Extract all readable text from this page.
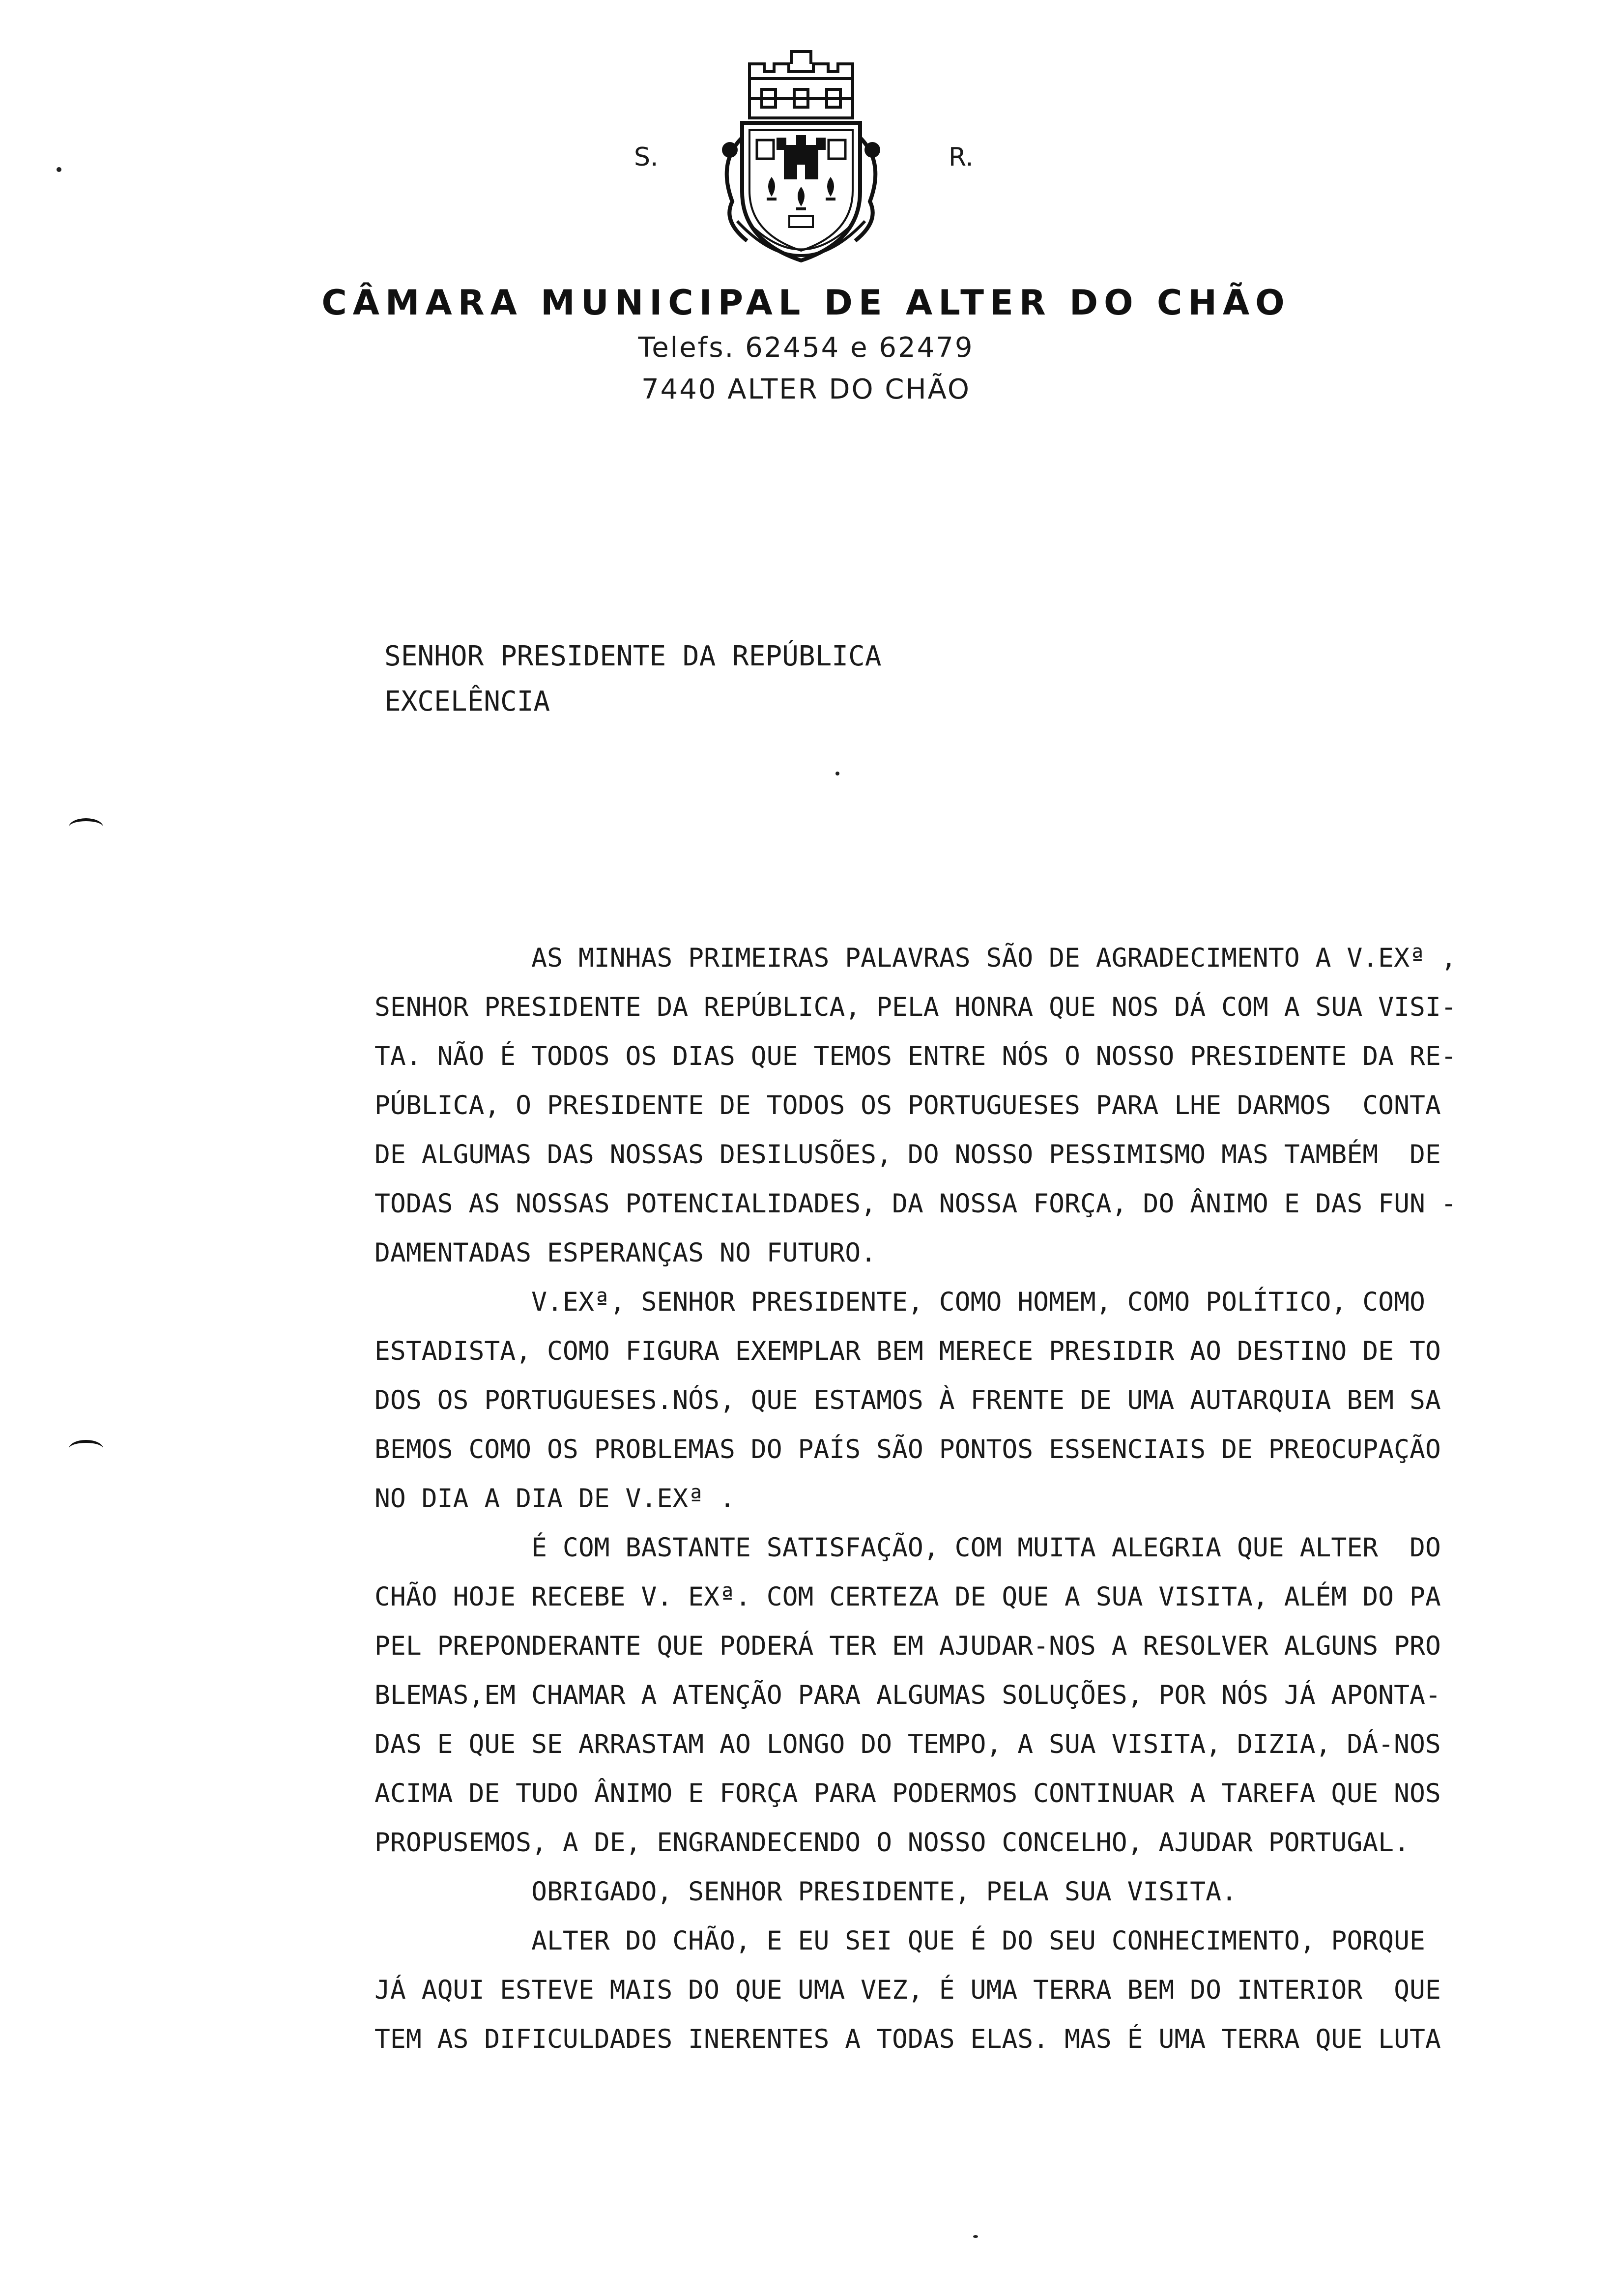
S.	R.
CÂMARA MUNICIPAL DE ALTER DO CHÃO
Telefs. 62454 e 62479
7440 ALTER DO CHÃO
SENHOR PRESIDENTE DA REPÚBLICA
EXCELÊNCIA
AS MINHAS PRIMEIRAS PALAVRAS SÃO DE AGRADECIMENTO A V.EXª ,
SENHOR PRESIDENTE DA REPÚBLICA, PELA HONRA QUE NOS DÁ COM A SUA VISI-
TA. NÃO É TODOS OS DIAS QUE TEMOS ENTRE NÓS O NOSSO PRESIDENTE DA RE-
PÚBLICA, O PRESIDENTE DE TODOS OS PORTUGUESES PARA LHE DARMOS  CONTA
DE ALGUMAS DAS NOSSAS DESILUSÕES, DO NOSSO PESSIMISMO MAS TAMBÉM  DE
TODAS AS NOSSAS POTENCIALIDADES, DA NOSSA FORÇA, DO ÂNIMO E DAS FUN -
DAMENTADAS ESPERANÇAS NO FUTURO.
V.EXª, SENHOR PRESIDENTE, COMO HOMEM, COMO POLÍTICO, COMO
ESTADISTA, COMO FIGURA EXEMPLAR BEM MERECE PRESIDIR AO DESTINO DE TO
DOS OS PORTUGUESES.NÓS, QUE ESTAMOS À FRENTE DE UMA AUTARQUIA BEM SA
BEMOS COMO OS PROBLEMAS DO PAÍS SÃO PONTOS ESSENCIAIS DE PREOCUPAÇÃO
NO DIA A DIA DE V.EXª .
É COM BASTANTE SATISFAÇÃO, COM MUITA ALEGRIA QUE ALTER  DO
CHÃO HOJE RECEBE V. EXª. COM CERTEZA DE QUE A SUA VISITA, ALÉM DO PA
PEL PREPONDERANTE QUE PODERÁ TER EM AJUDAR-NOS A RESOLVER ALGUNS PRO
BLEMAS,EM CHAMAR A ATENÇÃO PARA ALGUMAS SOLUÇÕES, POR NÓS JÁ APONTA-
DAS E QUE SE ARRASTAM AO LONGO DO TEMPO, A SUA VISITA, DIZIA, DÁ-NOS
ACIMA DE TUDO ÂNIMO E FORÇA PARA PODERMOS CONTINUAR A TAREFA QUE NOS
PROPUSEMOS, A DE, ENGRANDECENDO O NOSSO CONCELHO, AJUDAR PORTUGAL.
OBRIGADO, SENHOR PRESIDENTE, PELA SUA VISITA.
ALTER DO CHÃO, E EU SEI QUE É DO SEU CONHECIMENTO, PORQUE
JÁ AQUI ESTEVE MAIS DO QUE UMA VEZ, É UMA TERRA BEM DO INTERIOR  QUE
TEM AS DIFICULDADES INERENTES A TODAS ELAS. MAS É UMA TERRA QUE LUTA
